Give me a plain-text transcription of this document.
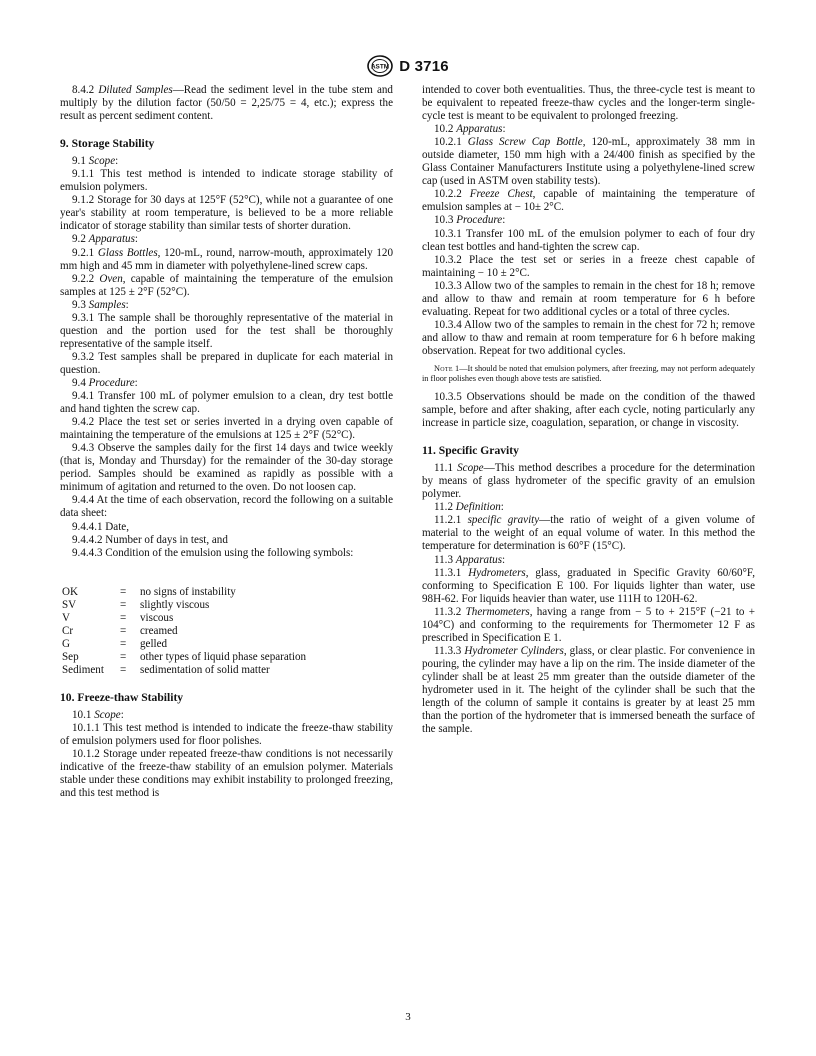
ASTM D 3716

8.4.2 Diluted Samples—Read the sediment level in the tube stem and multiply by the dilution factor (50/50 = 2,25/75 = 4, etc.); express the result as percent sediment content.

9. Storage Stability

9.1 Scope:

9.1.1 This test method is intended to indicate storage stability of emulsion polymers.

9.1.2 Storage for 30 days at 125°F (52°C), while not a guarantee of one year's stability at room temperature, is believed to be a more reliable indicator of storage stability than similar tests of shorter duration.

9.2 Apparatus:

9.2.1 Glass Bottles, 120-mL, round, narrow-mouth, approximately 120 mm high and 45 mm in diameter with polyethylene-lined screw caps.

9.2.2 Oven, capable of maintaining the temperature of the emulsion samples at 125 ± 2°F (52°C).

9.3 Samples:

9.3.1 The sample shall be thoroughly representative of the material in question and the portion used for the test shall be thoroughly representative of the sample itself.

9.3.2 Test samples shall be prepared in duplicate for each material in question.

9.4 Procedure:

9.4.1 Transfer 100 mL of polymer emulsion to a clean, dry test bottle and hand tighten the screw cap.

9.4.2 Place the test set or series inverted in a drying oven capable of maintaining the temperature of the emulsions at 125 ± 2°F (52°C).

9.4.3 Observe the samples daily for the first 14 days and twice weekly (that is, Monday and Thursday) for the remainder of the 30-day storage period. Samples should be examined as rapidly as possible with a minimum of agitation and returned to the oven. Do not loosen cap.

9.4.4 At the time of each observation, record the following on a suitable data sheet:

9.4.4.1 Date,

9.4.4.2 Number of days in test, and

9.4.4.3 Condition of the emulsion using the following symbols:

OK	=	no signs of instability
SV	=	slightly viscous
V	=	viscous
Cr	=	creamed
G	=	gelled
Sep	=	other types of liquid phase separation
Sediment	=	sedimentation of solid matter
10. Freeze-thaw Stability

10.1 Scope:

10.1.1 This test method is intended to indicate the freeze-thaw stability of emulsion polymers used for floor polishes.

10.1.2 Storage under repeated freeze-thaw conditions is not necessarily indicative of the freeze-thaw stability of an emulsion polymer. Materials stable under these conditions may exhibit instability to prolonged freezing, and this test method is

intended to cover both eventualities. Thus, the three-cycle test is meant to be equivalent to repeated freeze-thaw cycles and the longer-term single-cycle test is meant to be equivalent to prolonged freezing.

10.2 Apparatus:

10.2.1 Glass Screw Cap Bottle, 120-mL, approximately 38 mm in outside diameter, 150 mm high with a 24/400 finish as specified by the Glass Container Manufacturers Institute using a polyethylene-lined screw cap (used in ASTM oven stability tests).

10.2.2 Freeze Chest, capable of maintaining the temperature of emulsion samples at − 10± 2°C.

10.3 Procedure:

10.3.1 Transfer 100 mL of the emulsion polymer to each of four dry clean test bottles and hand-tighten the screw cap.

10.3.2 Place the test set or series in a freeze chest capable of maintaining − 10 ± 2°C.

10.3.3 Allow two of the samples to remain in the chest for 18 h; remove and allow to thaw and remain at room temperature for 6 h before evaluating. Repeat for two additional cycles or a total of three cycles.

10.3.4 Allow two of the samples to remain in the chest for 72 h; remove and allow to thaw and remain at room temperature for 6 h before making observation. Repeat for two additional cycles.

Note 1—It should be noted that emulsion polymers, after freezing, may not perform adequately in floor polishes even though above tests are satisfied.

10.3.5 Observations should be made on the condition of the thawed sample, before and after shaking, after each cycle, noting particularly any increase in particle size, coagulation, separation, or change in viscosity.

11. Specific Gravity

11.1 Scope—This method describes a procedure for the determination by means of glass hydrometer of the specific gravity of an emulsion polymer.

11.2 Definition:

11.2.1 specific gravity—the ratio of weight of a given volume of material to the weight of an equal volume of water. In this method the temperature for determination is 60°F (15°C).

11.3 Apparatus:

11.3.1 Hydrometers, glass, graduated in Specific Gravity 60/60°F, conforming to Specification E 100. For liquids lighter than water, use 98H-62. For liquids heavier than water, use 111H to 120H-62.

11.3.2 Thermometers, having a range from − 5 to + 215°F (−21 to + 104°C) and conforming to the requirements for Thermometer 12 F as prescribed in Specification E 1.

11.3.3 Hydrometer Cylinders, glass, or clear plastic. For convenience in pouring, the cylinder may have a lip on the rim. The inside diameter of the cylinder shall be at least 25 mm greater than the outside diameter of the hydrometer used in it. The height of the cylinder shall be such that the length of the column of sample it contains is greater by at least 25 mm than the portion of the hydrometer that is immersed beneath the surface of the sample.

3
